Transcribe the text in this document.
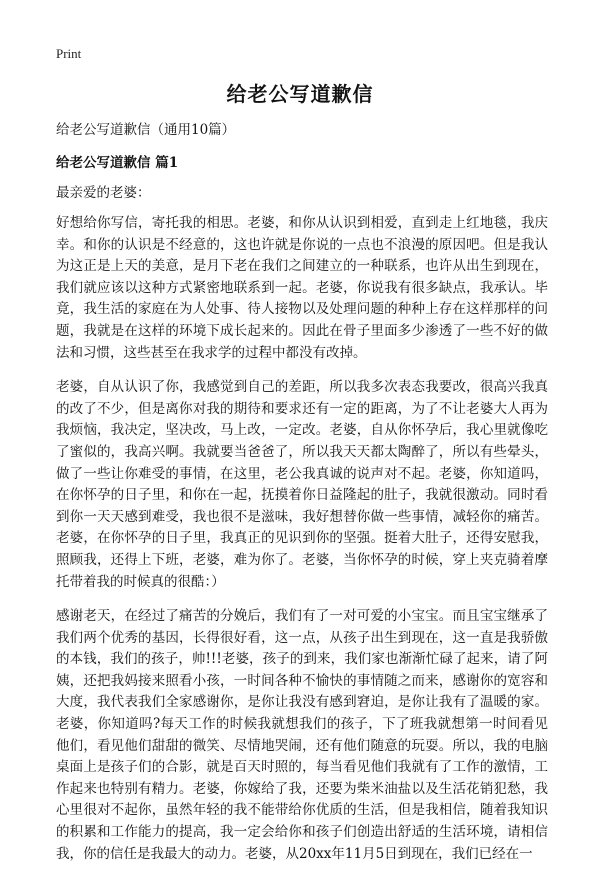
Print
给老公写道歉信

给老公写道歉信（通用10篇）

给老公写道歉信 篇1

最亲爱的老婆：

好想给你写信，寄托我的相思。老婆，和你从认识到相爱，直到走上红地毯，我庆幸。和你的认识是不经意的，这也许就是你说的一点也不浪漫的原因吧。但是我认为这正是上天的美意，是月下老在我们之间建立的一种联系，也许从出生到现在，我们就应该以这种方式紧密地联系到一起。老婆，你说我有很多缺点，我承认。毕竟，我生活的家庭在为人处事、待人接物以及处理问题的种种上存在这样那样的问题，我就是在这样的环境下成长起来的。因此在骨子里面多少渗透了一些不好的做法和习惯，这些甚至在我求学的过程中都没有改掉。

老婆，自从认识了你，我感觉到自己的差距，所以我多次表态我要改，很高兴我真的改了不少，但是离你对我的期待和要求还有一定的距离，为了不让老婆大人再为我烦恼，我决定，坚决改，马上改，一定改。老婆，自从你怀孕后，我心里就像吃了蜜似的，我高兴啊。我就要当爸爸了，所以我天天都太陶醉了，所以有些晕头，做了一些让你难受的事情，在这里，老公我真诚的说声对不起。老婆，你知道吗，在你怀孕的日子里，和你在一起，抚摸着你日益隆起的肚子，我就很激动。同时看到你一天天感到难受，我也很不是滋味，我好想替你做一些事情，减轻你的痛苦。老婆，在你怀孕的日子里，我真正的见识到你的坚强。挺着大肚子，还得安慰我，照顾我，还得上下班，老婆，难为你了。老婆，当你怀孕的时候，穿上夹克骑着摩托带着我的时候真的很酷：）

感谢老天，在经过了痛苦的分娩后，我们有了一对可爱的小宝宝。而且宝宝继承了我们两个优秀的基因，长得很好看，这一点，从孩子出生到现在，这一直是我骄傲的本钱，我们的孩子，帅!!!老婆，孩子的到来，我们家也渐渐忙碌了起来，请了阿姨，还把我妈接来照看小孩，一时间各种不愉快的事情随之而来，感谢你的宽容和大度，我代表我们全家感谢你，是你让我没有感到窘迫，是你让我有了温暖的家。老婆，你知道吗?每天工作的时候我就想我们的孩子，下了班我就想第一时间看见他们，看见他们甜甜的微笑、尽情地哭闹，还有他们随意的玩耍。所以，我的电脑桌面上是孩子们的合影，就是百天时照的，每当看见他们我就有了工作的激情，工作起来也特别有精力。老婆，你嫁给了我，还要为柴米油盐以及生活花销犯愁，我心里很对不起你，虽然年轻的我不能带给你优质的生活，但是我相信，随着我知识的积累和工作能力的提高，我一定会给你和孩子们创造出舒适的生活环境，请相信我，你的信任是我最大的动力。老婆，从20xx年11月5日到现在，我们已经在一
